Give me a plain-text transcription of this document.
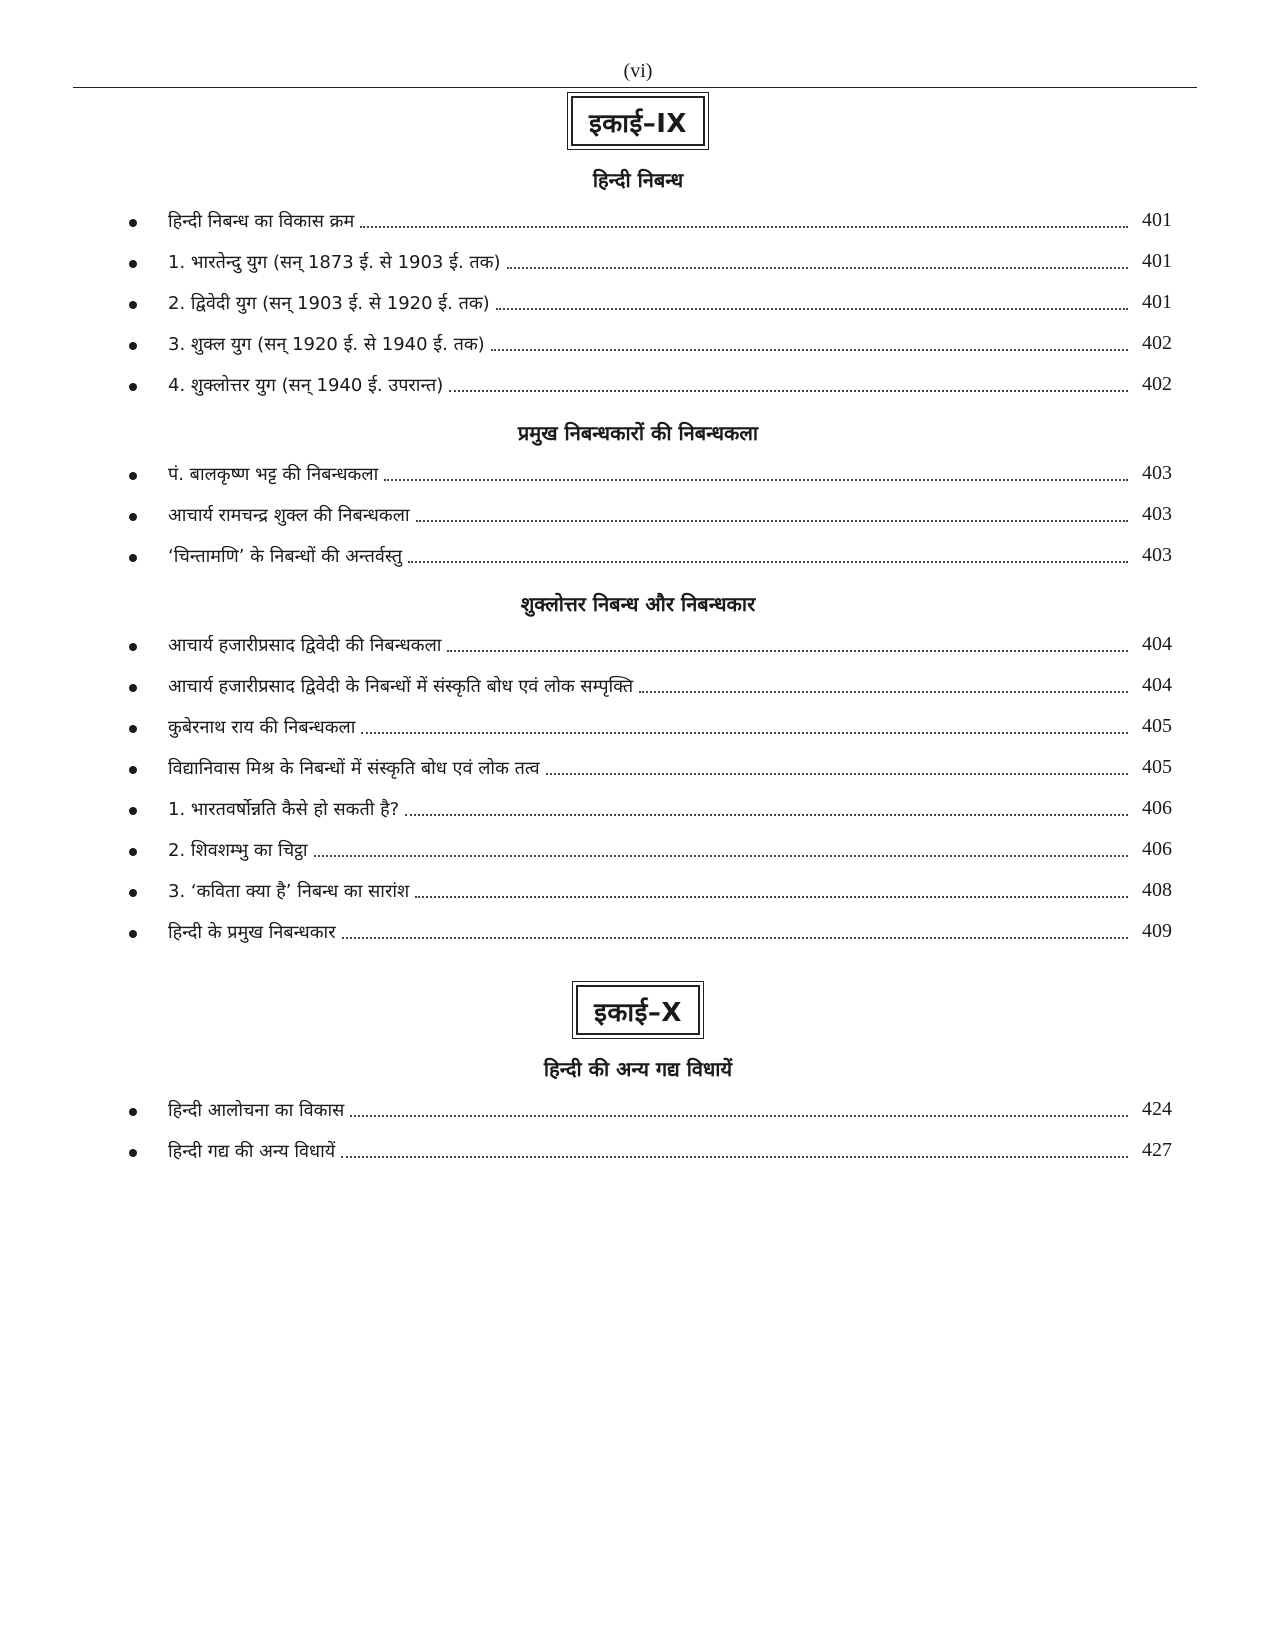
(vi)
इकाई–IX
हिन्दी निबन्ध
हिन्दी निबन्ध का विकास क्रम	401
1. भारतेन्दु युग (सन् 1873 ई. से 1903 ई. तक)	401
2. द्विवेदी युग (सन् 1903 ई. से 1920 ई. तक)	401
3. शुक्ल युग (सन् 1920 ई. से 1940 ई. तक)	402
4. शुक्लोत्तर युग (सन् 1940 ई. उपरान्त)	402
प्रमुख निबन्धकारों की निबन्धकला
पं. बालकृष्ण भट्ट की निबन्धकला	403
आचार्य रामचन्द्र शुक्ल की निबन्धकला	403
‘चिन्तामणि’ के निबन्धों की अन्तर्वस्तु	403
शुक्लोत्तर निबन्ध और निबन्धकार
आचार्य हजारीप्रसाद द्विवेदी की निबन्धकला	404
आचार्य हजारीप्रसाद द्विवेदी के निबन्धों में संस्कृति बोध एवं लोक सम्पृक्ति	404
कुबेरनाथ राय की निबन्धकला	405
विद्यानिवास मिश्र के निबन्धों में संस्कृति बोध एवं लोक तत्व	405
1. भारतवर्षोन्नति कैसे हो सकती है?	406
2. शिवशम्भु का चिट्ठा	406
3. ‘कविता क्या है’ निबन्ध का सारांश	408
हिन्दी के प्रमुख निबन्धकार	409
इकाई–X
हिन्दी की अन्य गद्य विधायें
हिन्दी आलोचना का विकास	424
हिन्दी गद्य की अन्य विधायें	427
